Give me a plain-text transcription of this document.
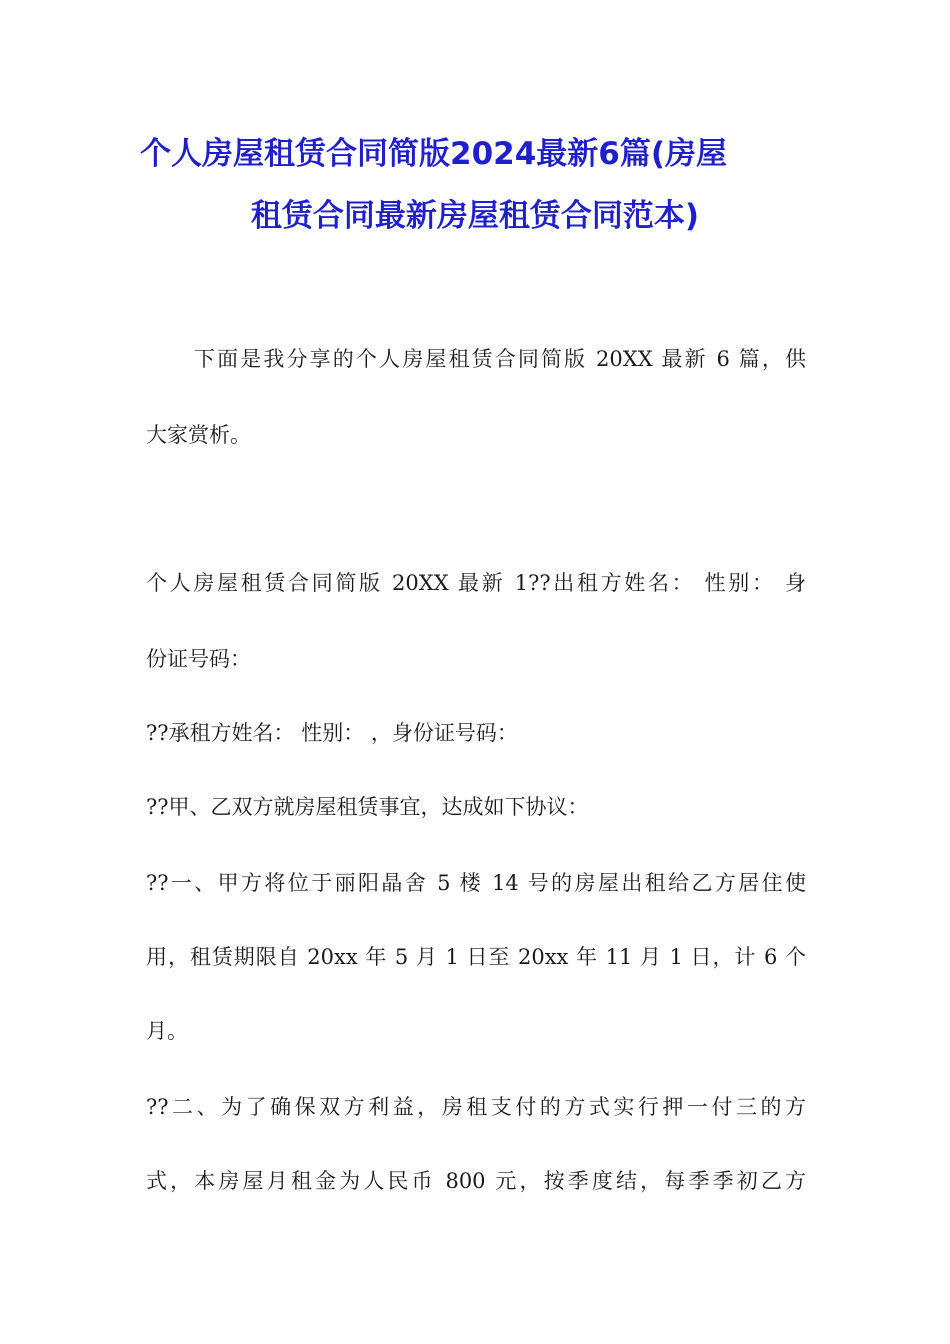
个人房屋租赁合同简版2024最新6篇(房屋
租赁合同最新房屋租赁合同范本)

下面是我分享的个人房屋租赁合同简版 20XX 最新 6 篇，供

大家赏析。

个人房屋租赁合同简版 20XX 最新 1??出租方姓名： 性别： 身

份证号码：

??承租方姓名： 性别： ，身份证号码：

??甲、乙双方就房屋租赁事宜，达成如下协议：

??一、甲方将位于丽阳晶舍 5 楼 14 号的房屋出租给乙方居住使

用，租赁期限自 20xx 年 5 月 1 日至 20xx 年 11 月 1 日，计 6 个

月。

??二、为了确保双方利益，房租支付的方式实行押一付三的方

式，本房屋月租金为人民币 800 元，按季度结，每季季初乙方
